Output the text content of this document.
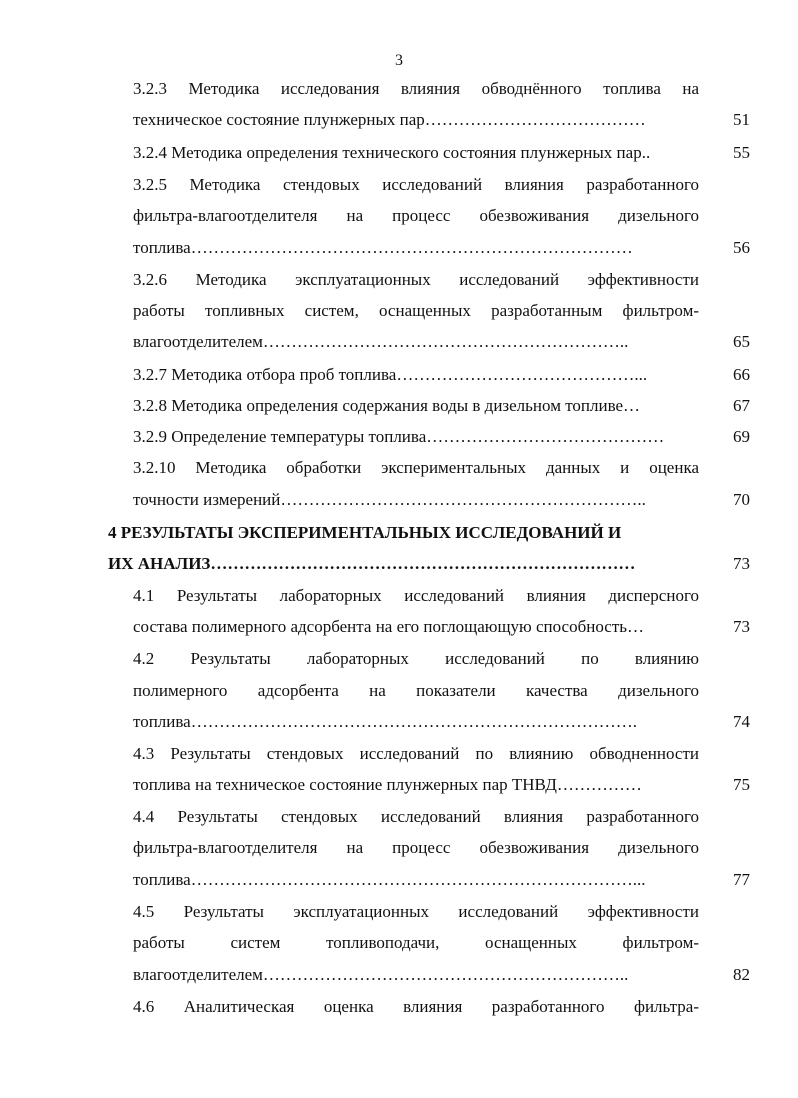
3
3.2.3 Методика исследования влияния обводнённого топлива на
техническое состояние плунжерных пар…………………………………	51
3.2.4 Методика определения технического состояния плунжерных пар..	55
3.2.5 Методика стендовых исследований влияния разработанного
фильтра-влагоотделителя на процесс обезвоживания дизельного
топлива……………………………………………………………………	56
3.2.6 Методика эксплуатационных исследований эффективности
работы топливных систем, оснащенных разработанным фильтром-
влагоотделителем………………………………………………………..	65
3.2.7 Методика отбора проб топлива……………………………………...	66
3.2.8 Методика определения содержания воды в дизельном топливе…	67
3.2.9 Определение температуры топлива……………………………………	69
3.2.10 Методика обработки экспериментальных данных и оценка
точности измерений………………………………………………………..	70
4 РЕЗУЛЬТАТЫ ЭКСПЕРИМЕНТАЛЬНЫХ ИССЛЕДОВАНИЙ И
ИХ АНАЛИЗ…………………………………………………………………	73
4.1 Результаты лабораторных исследований влияния дисперсного
состава полимерного адсорбента на его поглощающую способность…	73
4.2 Результаты лабораторных исследований по влиянию
полимерного адсорбента на показатели качества дизельного
топлива…………………………………………………………………….	74
4.3 Результаты стендовых исследований по влиянию обводненности
топлива на техническое состояние плунжерных пар ТНВД……………	75
4.4 Результаты стендовых исследований влияния разработанного
фильтра-влагоотделителя на процесс обезвоживания дизельного
топлива……………………………………………………………………...	77
4.5 Результаты эксплуатационных исследований эффективности
работы систем топливоподачи, оснащенных фильтром-
влагоотделителем………………………………………………………..	82
4.6 Аналитическая оценка влияния разработанного фильтра-
